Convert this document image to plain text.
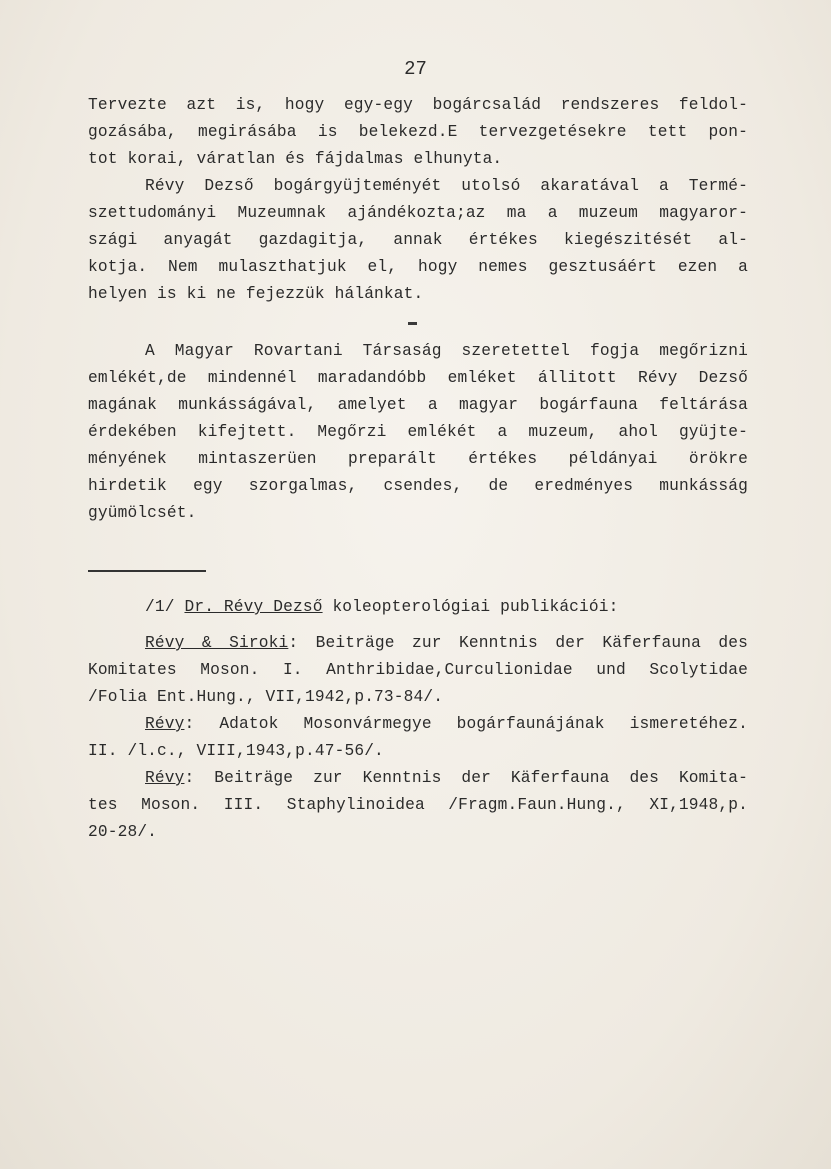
27
Tervezte azt is, hogy egy-egy bogárcsalád rendszeres feldol-
gozásába, megirásába is belekezd.E tervezgetésekre tett pon-
tot korai, váratlan és fájdalmas elhunyta.
Révy Dezső bogárgyüjteményét utolsó akaratával a Termé-
szettudományi Muzeumnak ajándékozta;az ma a muzeum magyaror-
szági anyagát gazdagitja, annak értékes kiegészitését al-
kotja. Nem mulaszthatjuk el, hogy nemes gesztusáért ezen a
helyen is ki ne fejezzük hálánkat.
A Magyar Rovartani Társaság szeretettel fogja megőrizni
emlékét,de mindennél maradandóbb emléket állitott Révy Dezső
magának munkásságával, amelyet a magyar bogárfauna feltárása
érdekében kifejtett. Megőrzi emlékét a muzeum, ahol gyüjte-
ményének mintaszerüen preparált értékes példányai örökre
hirdetik egy szorgalmas, csendes, de eredményes munkásság
gyümölcsét.
/1/ Dr. Révy Dezső koleopterológiai publikációi:
Révy & Siroki: Beiträge zur Kenntnis der Käferfauna des
Komitates Moson. I. Anthribidae,Curculionidae und Scolytidae
/Folia Ent.Hung., VII,1942,p.73-84/.
Révy: Adatok Mosonvármegye bogárfaunájának ismeretéhez.
II. /l.c., VIII,1943,p.47-56/.
Révy: Beiträge zur Kenntnis der Käferfauna des Komita-
tes Moson. III. Staphylinoidea /Fragm.Faun.Hung., XI,1948,p.
20-28/.
